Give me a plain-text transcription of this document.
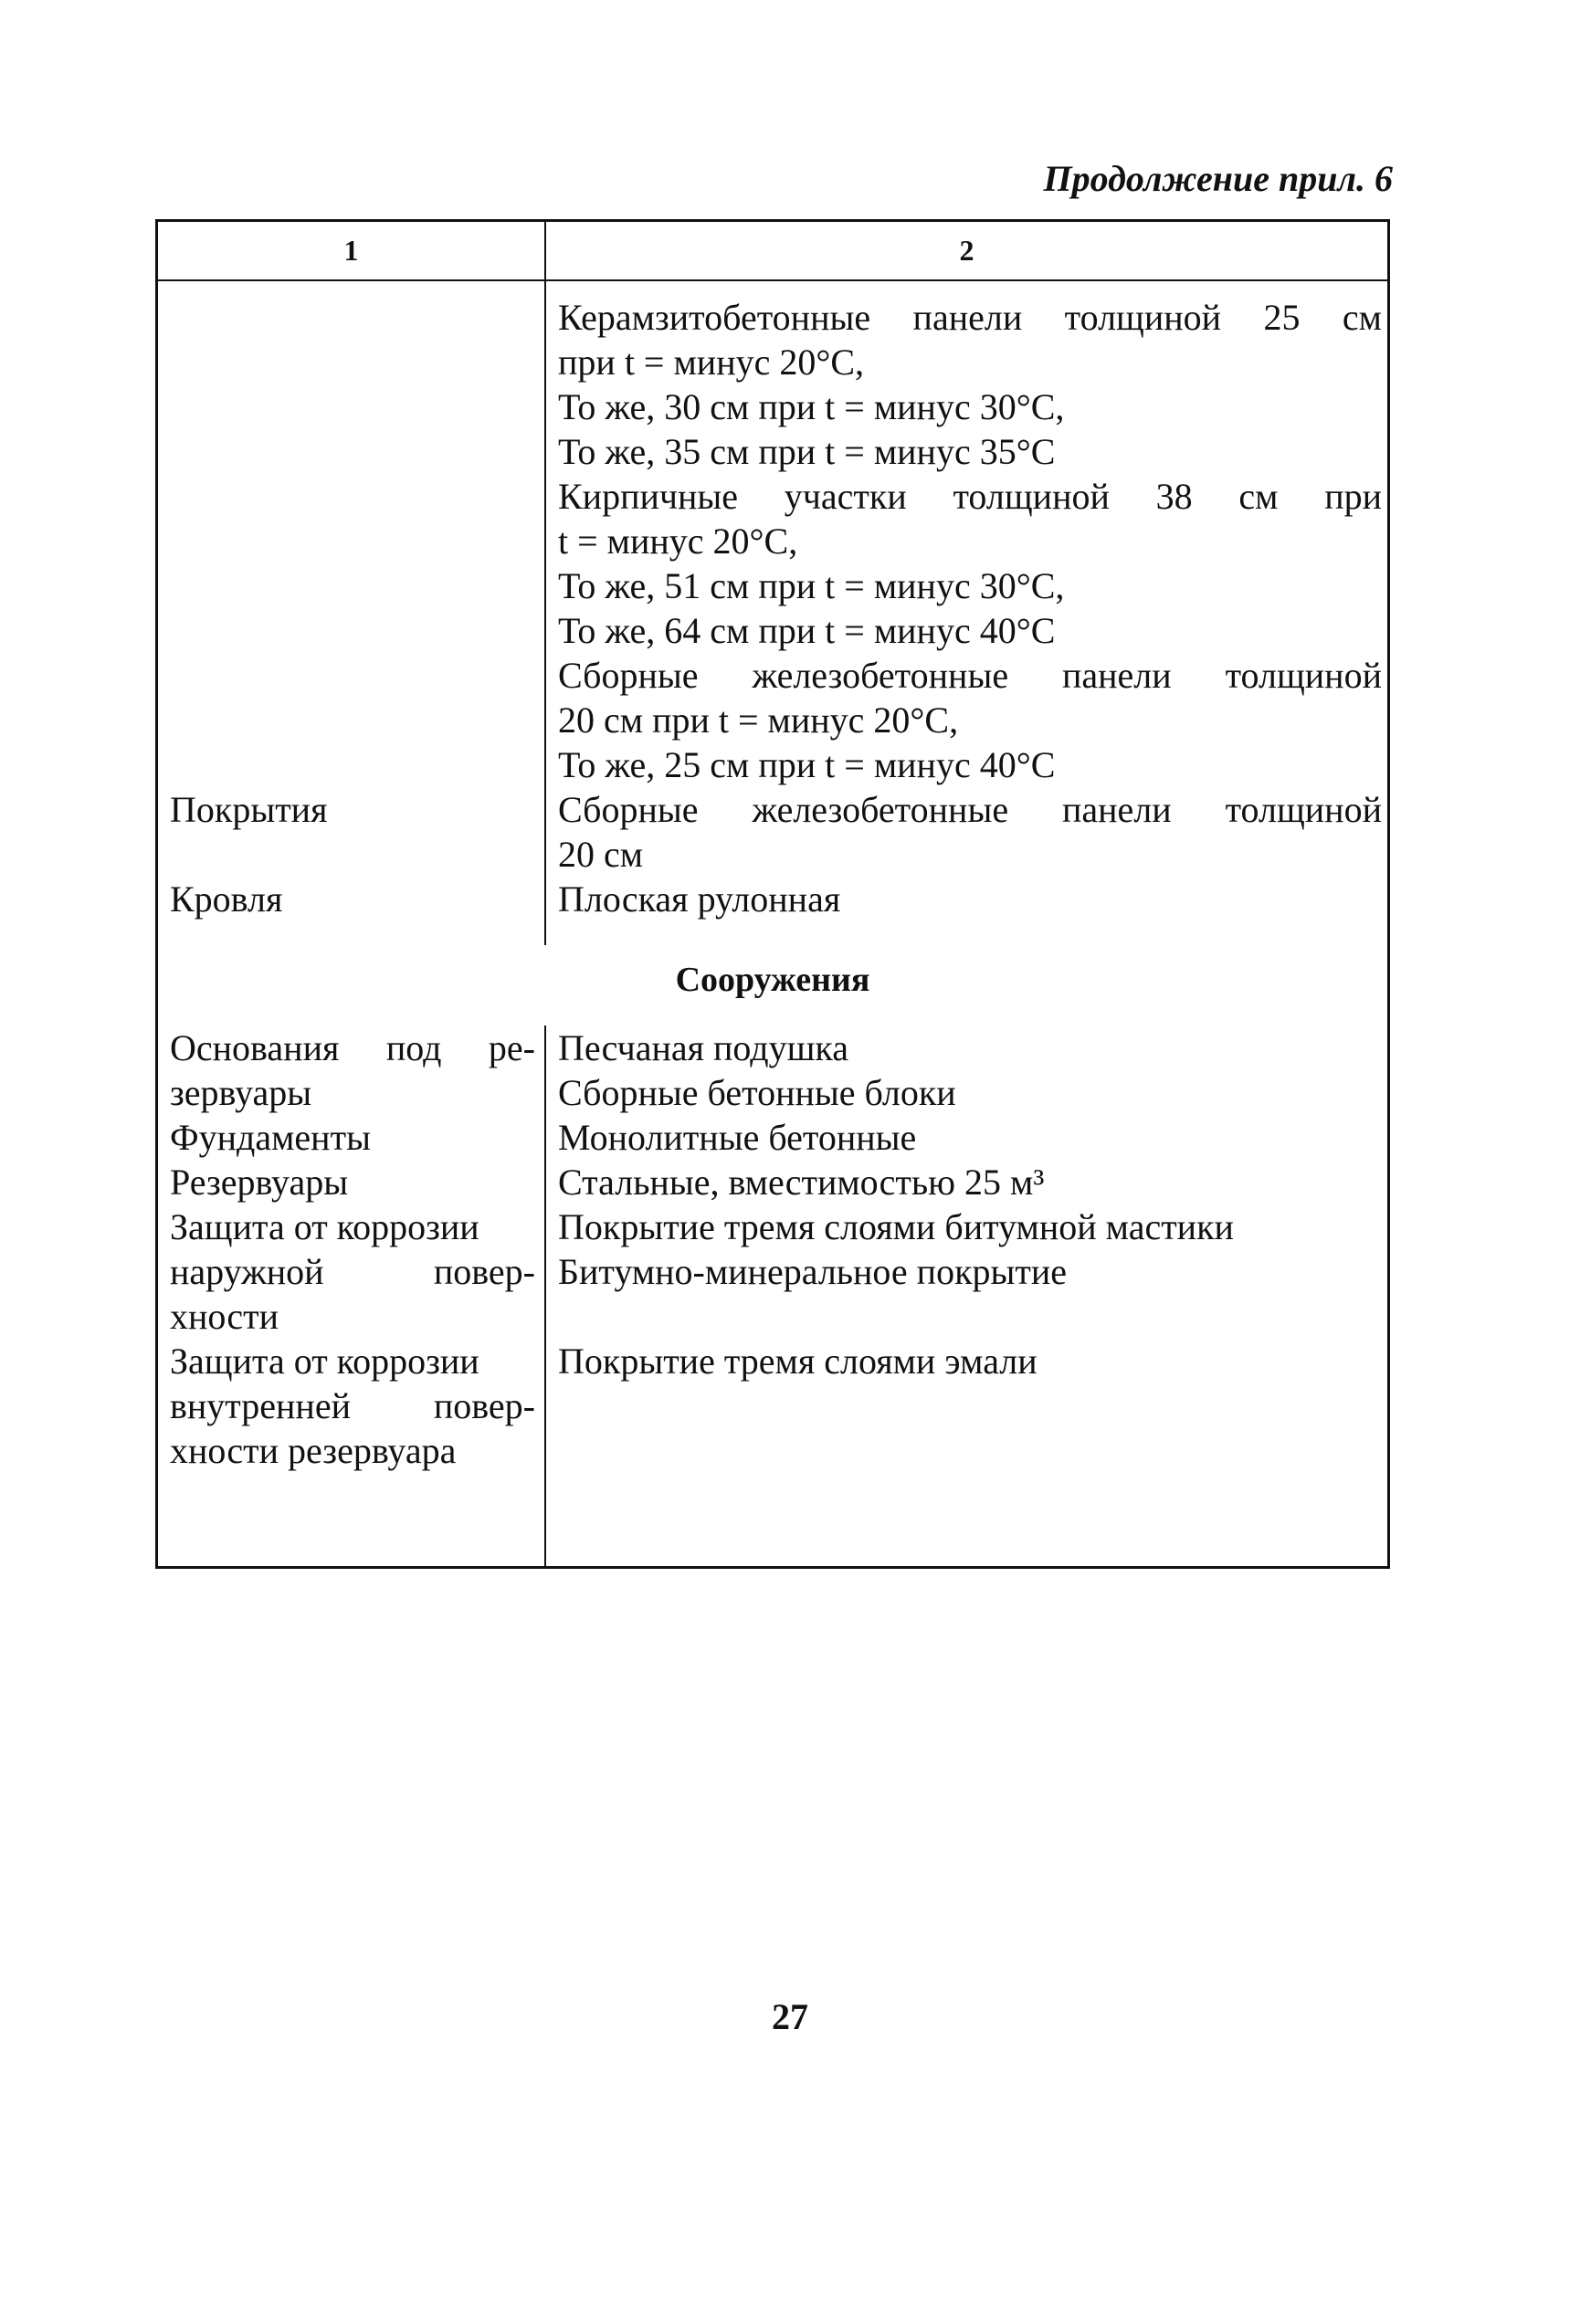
Продолжение прил. 6
1	2
Керамзитобетонные панели толщиной 25 см
при t = минус 20°С,
То же, 30 см при t = минус 30°С,
То же, 35 см при t = минус 35°С
Кирпичные участки толщиной 38 см при
t = минус 20°С,
То же, 51 см при t = минус 30°С,
То же, 64 см при t = минус 40°С
Сборные железобетонные панели толщиной
20 см при t = минус 20°С,
То же, 25 см при t = минус 40°С
Сборные железобетонные панели толщиной
20 см
Плоская рулонная
Покрытия
Кровля
Сооружения
Основания под ре-
зервуары
Фундаменты
Резервуары
Защита от коррозии
наружной повер-
хности
Защита от коррозии
внутренней повер-
хности резервуара
Песчаная подушка
Сборные бетонные блоки
Монолитные бетонные
Стальные, вместимостью 25 м³
Покрытие тремя слоями битумной мастики
Битумно-минеральное покрытие
Покрытие тремя слоями эмали
27
